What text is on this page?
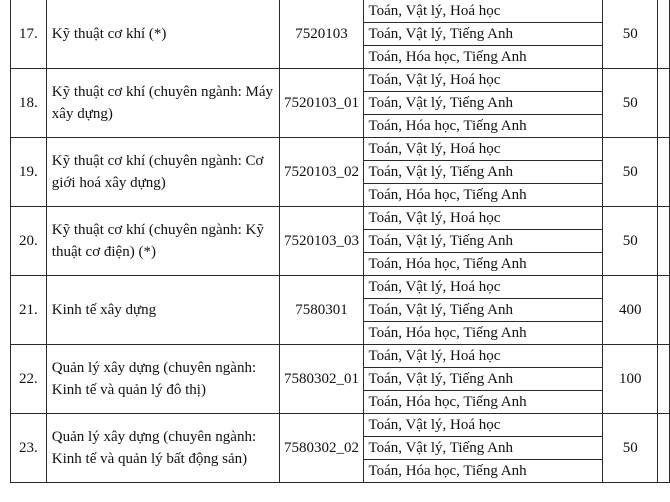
17.	Kỹ thuật cơ khí (*)	7520103	Toán, Vật lý, Hoá học	50	
			Toán, Vật lý, Tiếng Anh		
			Toán, Hóa học, Tiếng Anh		
18.	Kỹ thuật cơ khí (chuyên ngành: Máy xây dựng)	7520103_01	Toán, Vật lý, Hoá học	50	
			Toán, Vật lý, Tiếng Anh		
			Toán, Hóa học, Tiếng Anh		
19.	Kỹ thuật cơ khí (chuyên ngành: Cơ giới hoá xây dựng)	7520103_02	Toán, Vật lý, Hoá học	50	
			Toán, Vật lý, Tiếng Anh		
			Toán, Hóa học, Tiếng Anh		
20.	Kỹ thuật cơ khí (chuyên ngành: Kỹ thuật cơ điện) (*)	7520103_03	Toán, Vật lý, Hoá học	50	
			Toán, Vật lý, Tiếng Anh		
			Toán, Hóa học, Tiếng Anh		
21.	Kinh tế xây dựng	7580301	Toán, Vật lý, Hoá học	400	
			Toán, Vật lý, Tiếng Anh		
			Toán, Hóa học, Tiếng Anh		
22.	Quản lý xây dựng (chuyên ngành: Kinh tế và quản lý đô thị)	7580302_01	Toán, Vật lý, Hoá học	100	
			Toán, Vật lý, Tiếng Anh		
			Toán, Hóa học, Tiếng Anh		
23.	Quản lý xây dựng (chuyên ngành: Kinh tế và quản lý bất động sản)	7580302_02	Toán, Vật lý, Hoá học	50	
			Toán, Vật lý, Tiếng Anh		
			Toán, Hóa học, Tiếng Anh		
